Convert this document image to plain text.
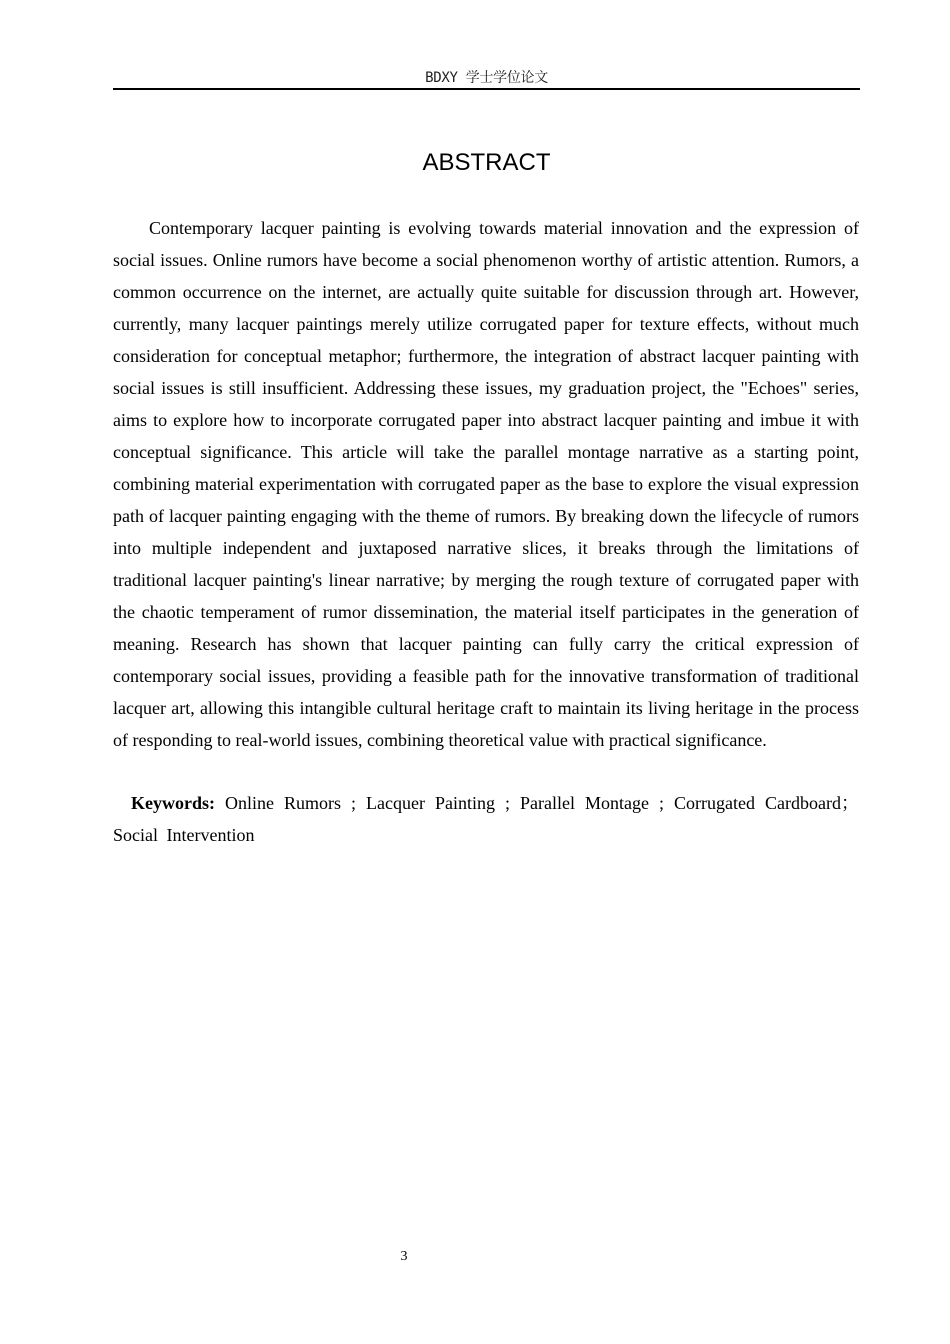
BDXY 学士学位论文
ABSTRACT

Contemporary lacquer painting is evolving towards material innovation and the expression of social issues. Online rumors have become a social phenomenon worthy of artistic attention. Rumors, a common occurrence on the internet, are actually quite suitable for discussion through art. However, currently, many lacquer paintings merely utilize corrugated paper for texture effects, without much consideration for conceptual metaphor; furthermore, the integration of abstract lacquer painting with social issues is still insufficient. Addressing these issues, my graduation project, the "Echoes" series, aims to explore how to incorporate corrugated paper into abstract lacquer painting and imbue it with conceptual significance. This article will take the parallel montage narrative as a starting point, combining material experimentation with corrugated paper as the base to explore the visual expression path of lacquer painting engaging with the theme of rumors. By breaking down the lifecycle of rumors into multiple independent and juxtaposed narrative slices, it breaks through the limitations of traditional lacquer painting's linear narrative; by merging the rough texture of corrugated paper with the chaotic temperament of rumor dissemination, the material itself participates in the generation of meaning. Research has shown that lacquer painting can fully carry the critical expression of contemporary social issues, providing a feasible path for the innovative transformation of traditional lacquer art, allowing this intangible cultural heritage craft to maintain its living heritage in the process of responding to real-world issues, combining theoretical value with practical significance.

Keywords: Online Rumors ; Lacquer Painting ; Parallel Montage ; Corrugated Cardboard；Social Intervention

3
